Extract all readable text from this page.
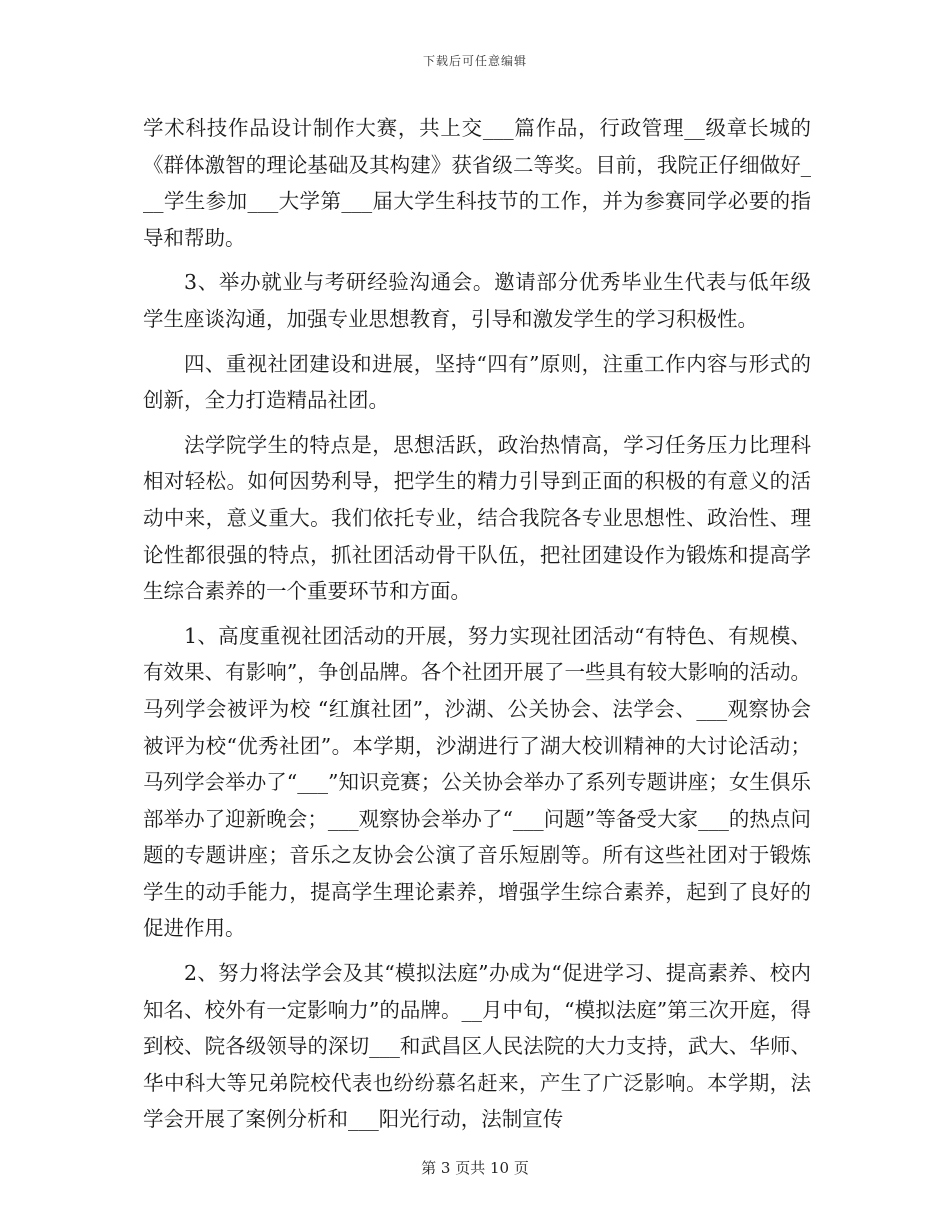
下载后可任意编辑

学术科技作品设计制作大赛，共上交___篇作品，行政管理__级章长城的《群体激智的理论基础及其构建》获省级二等奖。目前，我院正仔细做好___学生参加___大学第___届大学生科技节的工作，并为参赛同学必要的指导和帮助。

3、举办就业与考研经验沟通会。邀请部分优秀毕业生代表与低年级学生座谈沟通，加强专业思想教育，引导和激发学生的学习积极性。

四、重视社团建设和进展，坚持“四有”原则，注重工作内容与形式的创新，全力打造精品社团。

法学院学生的特点是，思想活跃，政治热情高，学习任务压力比理科相对轻松。如何因势利导，把学生的精力引导到正面的积极的有意义的活动中来，意义重大。我们依托专业，结合我院各专业思想性、政治性、理论性都很强的特点，抓社团活动骨干队伍，把社团建设作为锻炼和提高学生综合素养的一个重要环节和方面。

1、高度重视社团活动的开展，努力实现社团活动“有特色、有规模、有效果、有影响”，争创品牌。各个社团开展了一些具有较大影响的活动。马列学会被评为校 “红旗社团”，沙湖、公关协会、法学会、___观察协会被评为校“优秀社团”。本学期，沙湖进行了湖大校训精神的大讨论活动；马列学会举办了“___”知识竞赛；公关协会举办了系列专题讲座；女生俱乐部举办了迎新晚会；___观察协会举办了“___问题”等备受大家___的热点问题的专题讲座；音乐之友协会公演了音乐短剧等。所有这些社团对于锻炼学生的动手能力，提高学生理论素养，增强学生综合素养，起到了良好的促进作用。

2、努力将法学会及其“模拟法庭”办成为“促进学习、提高素养、校内知名、校外有一定影响力”的品牌。__月中旬，“模拟法庭”第三次开庭，得到校、院各级领导的深切___和武昌区人民法院的大力支持，武大、华师、华中科大等兄弟院校代表也纷纷慕名赶来，产生了广泛影响。本学期，法学会开展了案例分析和___阳光行动，法制宣传

第 3 页共 10 页
